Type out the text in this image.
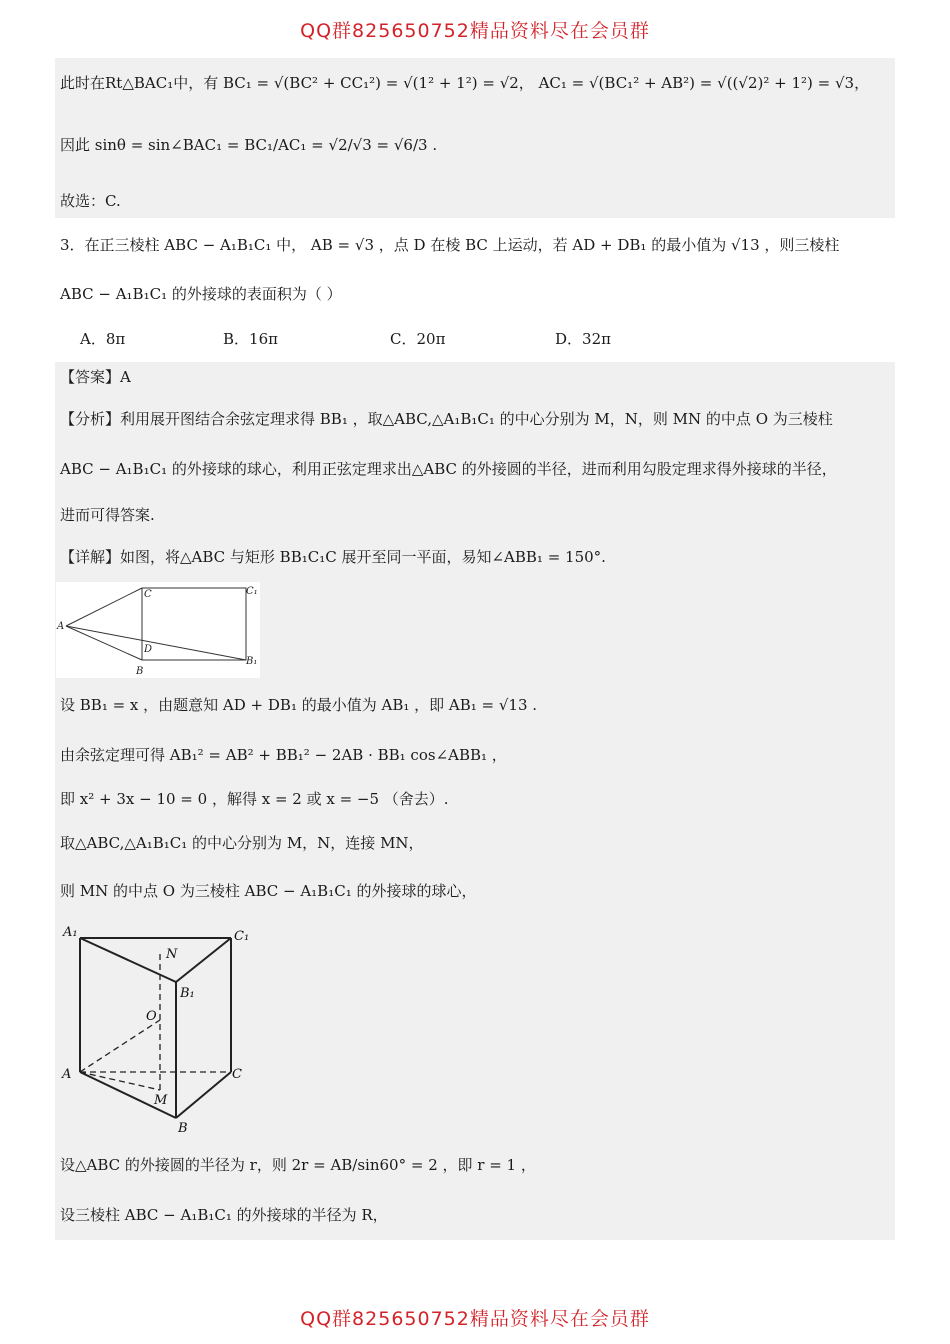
QQ群825650752精品资料尽在会员群
此时在Rt△BAC₁中，有 BC₁ = √(BC² + CC₁²) = √(1² + 1²) = √2， AC₁ = √(BC₁² + AB²) = √((√2)² + 1²) = √3，
因此 sinθ = sin∠BAC₁ = BC₁/AC₁ = √2/√3 = √6/3 .
故选：C.
3．在正三棱柱 ABC − A₁B₁C₁ 中， AB = √3 ，点 D 在棱 BC 上运动，若 AD + DB₁ 的最小值为 √13 ，则三棱柱
ABC − A₁B₁C₁ 的外接球的表面积为（ ）
A．8π	B．16π	C．20π	D．32π
【答案】A
【分析】利用展开图结合余弦定理求得 BB₁ ，取△ABC,△A₁B₁C₁ 的中心分别为 M，N，则 MN 的中点 O 为三棱柱
ABC − A₁B₁C₁ 的外接球的球心，利用正弦定理求出△ABC 的外接圆的半径，进而利用勾股定理求得外接球的半径，
进而可得答案.
【详解】如图，将△ABC 与矩形 BB₁C₁C 展开至同一平面，易知∠ABB₁ = 150°.
A
C	C₁
D
B
B₁
设 BB₁ = x ，由题意知 AD + DB₁ 的最小值为 AB₁ ，即 AB₁ = √13 .
由余弦定理可得 AB₁² = AB² + BB₁² − 2AB · BB₁ cos∠ABB₁ ，
即 x² + 3x − 10 = 0 ，解得 x = 2 或 x = −5 （舍去）.
取△ABC,△A₁B₁C₁ 的中心分别为 M，N，连接 MN，
则 MN 的中点 O 为三棱柱 ABC − A₁B₁C₁ 的外接球的球心，
A₁	C₁
N
B₁
O
A	C
M
B
设△ABC 的外接圆的半径为 r，则 2r = AB/sin60° = 2 ，即 r = 1 ，
设三棱柱 ABC − A₁B₁C₁ 的外接球的半径为 R，
QQ群825650752精品资料尽在会员群
